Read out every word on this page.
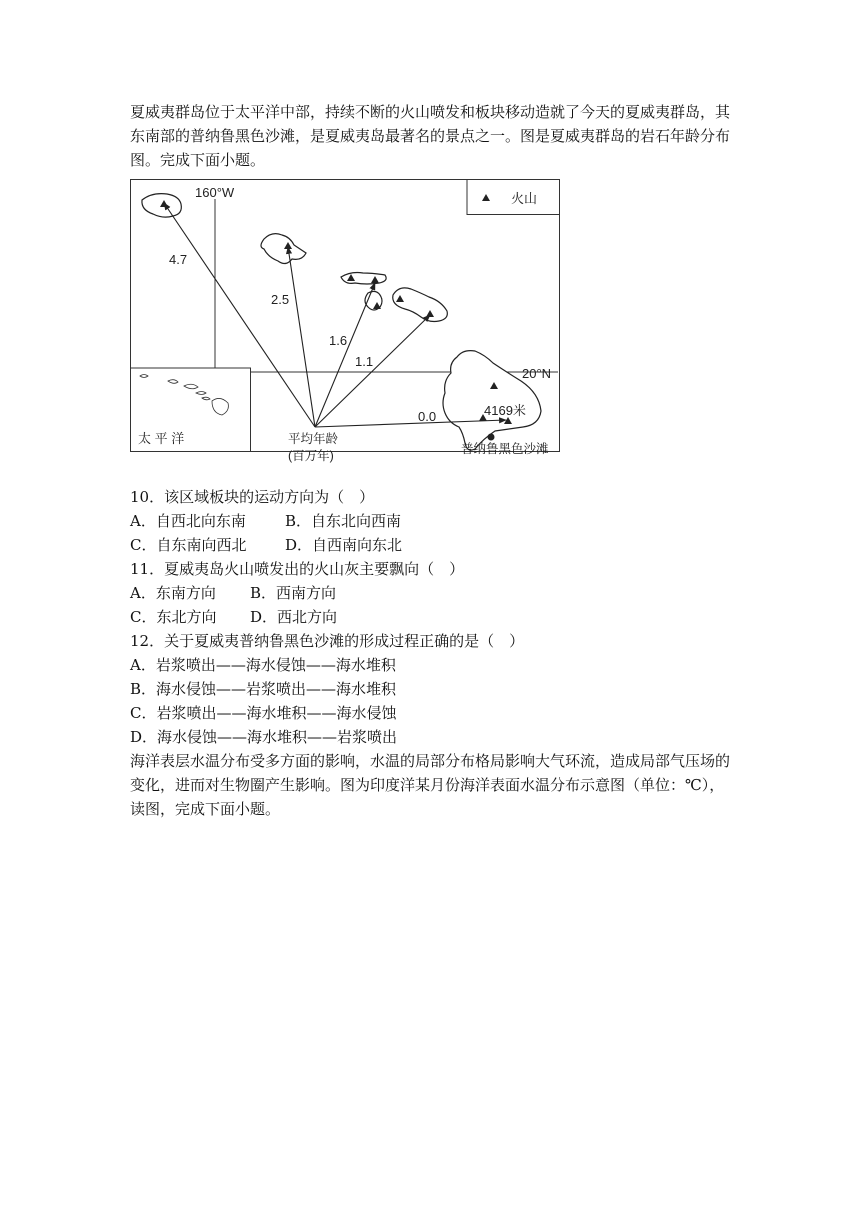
夏威夷群岛位于太平洋中部，持续不断的火山喷发和板块移动造就了今天的夏威夷群岛，其东南部的普纳鲁黑色沙滩，是夏威夷岛最著名的景点之一。图是夏威夷群岛的岩石年龄分布图。完成下面小题。

火山
160°W
20°N
太 平 洋
4.7
2.5
1.6
1.1
0.0	4169米
普纳鲁黑色沙滩
平均年龄
(百万年)

10．该区域板块的运动方向为（　）

A．自西北向东南	B．自东北向西南

C．自东南向西北	D．自西南向东北

11．夏威夷岛火山喷发出的火山灰主要飘向（　）

A．东南方向 B．西南方向

C．东北方向 D．西北方向

12．关于夏威夷普纳鲁黑色沙滩的形成过程正确的是（　）

A．岩浆喷出——海水侵蚀——海水堆积

B．海水侵蚀——岩浆喷出——海水堆积

C．岩浆喷出——海水堆积——海水侵蚀

D．海水侵蚀——海水堆积——岩浆喷出

海洋表层水温分布受多方面的影响，水温的局部分布格局影响大气环流，造成局部气压场的变化，进而对生物圈产生影响。图为印度洋某月份海洋表面水温分布示意图（单位：℃），读图，完成下面小题。
